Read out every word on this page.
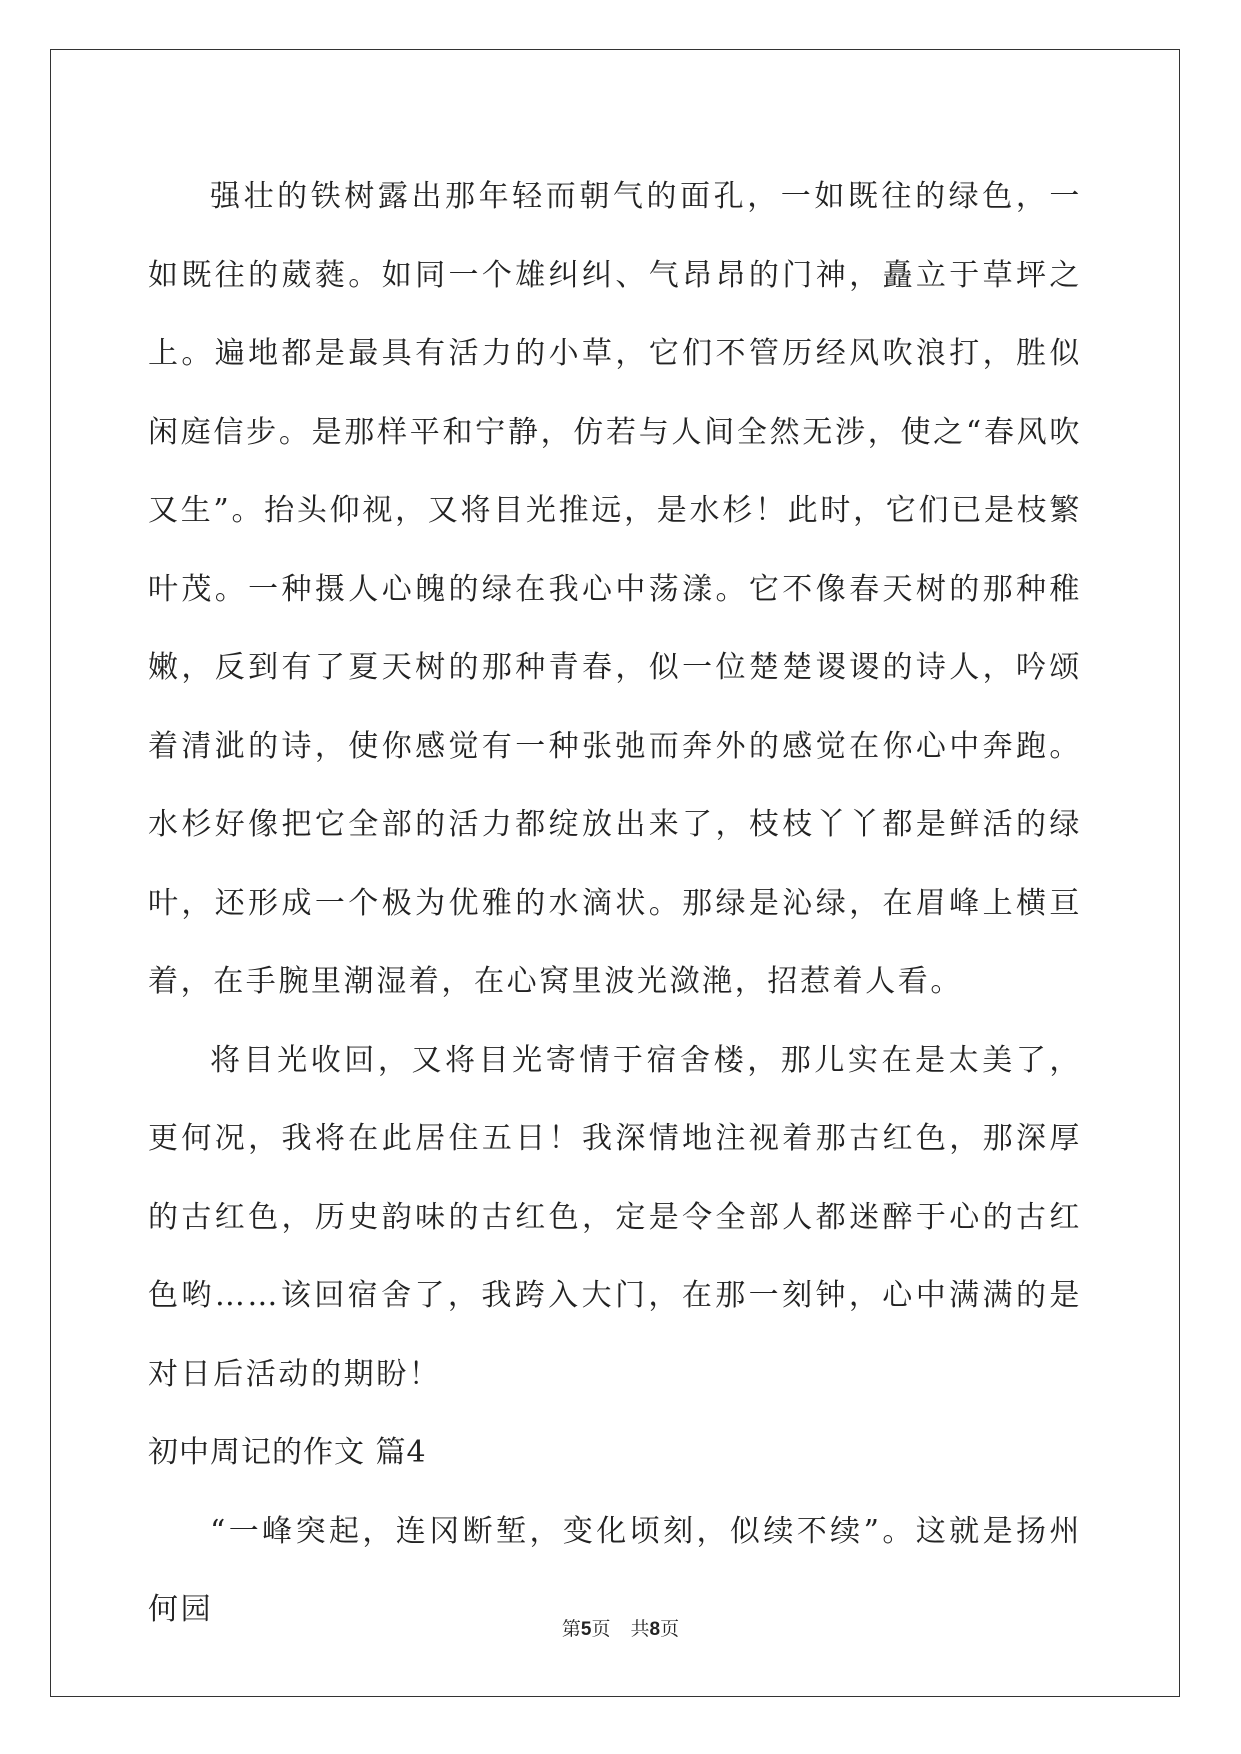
强壮的铁树露出那年轻而朝气的面孔，一如既往的绿色，一如既往的葳蕤。如同一个雄纠纠、气昂昂的门神，矗立于草坪之上。遍地都是最具有活力的小草，它们不管历经风吹浪打，胜似闲庭信步。是那样平和宁静，仿若与人间全然无涉，使之“春风吹又生”。抬头仰视，又将目光推远，是水杉！此时，它们已是枝繁叶茂。一种摄人心魄的绿在我心中荡漾。它不像春天树的那种稚嫩，反到有了夏天树的那种青春，似一位楚楚谡谡的诗人，吟颂着清泚的诗，使你感觉有一种张弛而奔外的感觉在你心中奔跑。水杉好像把它全部的活力都绽放出来了，枝枝丫丫都是鲜活的绿叶，还形成一个极为优雅的水滴状。那绿是沁绿，在眉峰上横亘着，在手腕里潮湿着，在心窝里波光潋滟，招惹着人看。

将目光收回，又将目光寄情于宿舍楼，那儿实在是太美了，更何况，我将在此居住五日！我深情地注视着那古红色，那深厚的古红色，历史韵味的古红色，定是令全部人都迷醉于心的古红色哟……该回宿舍了，我跨入大门，在那一刻钟，心中满满的是对日后活动的期盼！

初中周记的作文 篇4

“一峰突起，连冈断堑，变化顷刻，似续不续”。这就是扬州何园

第5页 共8页
